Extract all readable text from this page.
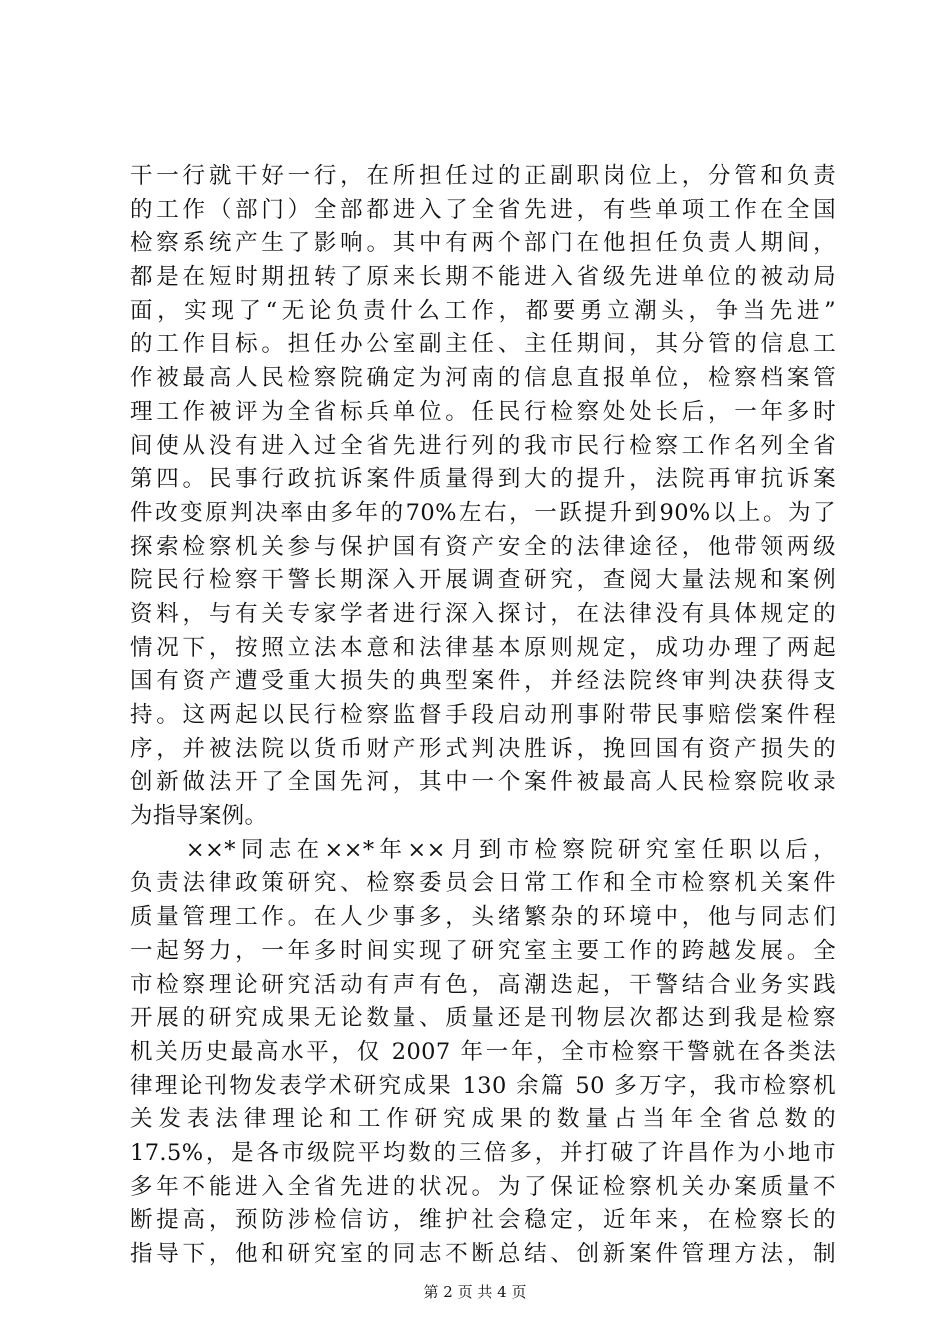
干一行就干好一行，在所担任过的正副职岗位上，分管和负责
的工作（部门）全部都进入了全省先进，有些单项工作在全国
检察系统产生了影响。其中有两个部门在他担任负责人期间，
都是在短时期扭转了原来长期不能进入省级先进单位的被动局
面，实现了“无论负责什么工作，都要勇立潮头，争当先进”
的工作目标。担任办公室副主任、主任期间，其分管的信息工
作被最高人民检察院确定为河南的信息直报单位，检察档案管
理工作被评为全省标兵单位。任民行检察处处长后，一年多时
间使从没有进入过全省先进行列的我市民行检察工作名列全省
第四。民事行政抗诉案件质量得到大的提升，法院再审抗诉案
件改变原判决率由多年的70%左右，一跃提升到90%以上。为了
探索检察机关参与保护国有资产安全的法律途径，他带领两级
院民行检察干警长期深入开展调查研究，查阅大量法规和案例
资料，与有关专家学者进行深入探讨，在法律没有具体规定的
情况下，按照立法本意和法律基本原则规定，成功办理了两起
国有资产遭受重大损失的典型案件，并经法院终审判决获得支
持。这两起以民行检察监督手段启动刑事附带民事赔偿案件程
序，并被法院以货币财产形式判决胜诉，挽回国有资产损失的
创新做法开了全国先河，其中一个案件被最高人民检察院收录
为指导案例。
　　××*同志在××*年××月到市检察院研究室任职以后，
负责法律政策研究、检察委员会日常工作和全市检察机关案件
质量管理工作。在人少事多，头绪繁杂的环境中，他与同志们
一起努力，一年多时间实现了研究室主要工作的跨越发展。全
市检察理论研究活动有声有色，高潮迭起，干警结合业务实践
开展的研究成果无论数量、质量还是刊物层次都达到我是检察
机关历史最高水平，仅 2007 年一年，全市检察干警就在各类法
律理论刊物发表学术研究成果 130 余篇 50 多万字，我市检察机
关发表法律理论和工作研究成果的数量占当年全省总数的
17.5%，是各市级院平均数的三倍多，并打破了许昌作为小地市
多年不能进入全省先进的状况。为了保证检察机关办案质量不
断提高，预防涉检信访，维护社会稳定，近年来，在检察长的
指导下，他和研究室的同志不断总结、创新案件管理方法，制
第 2 页 共 4 页
